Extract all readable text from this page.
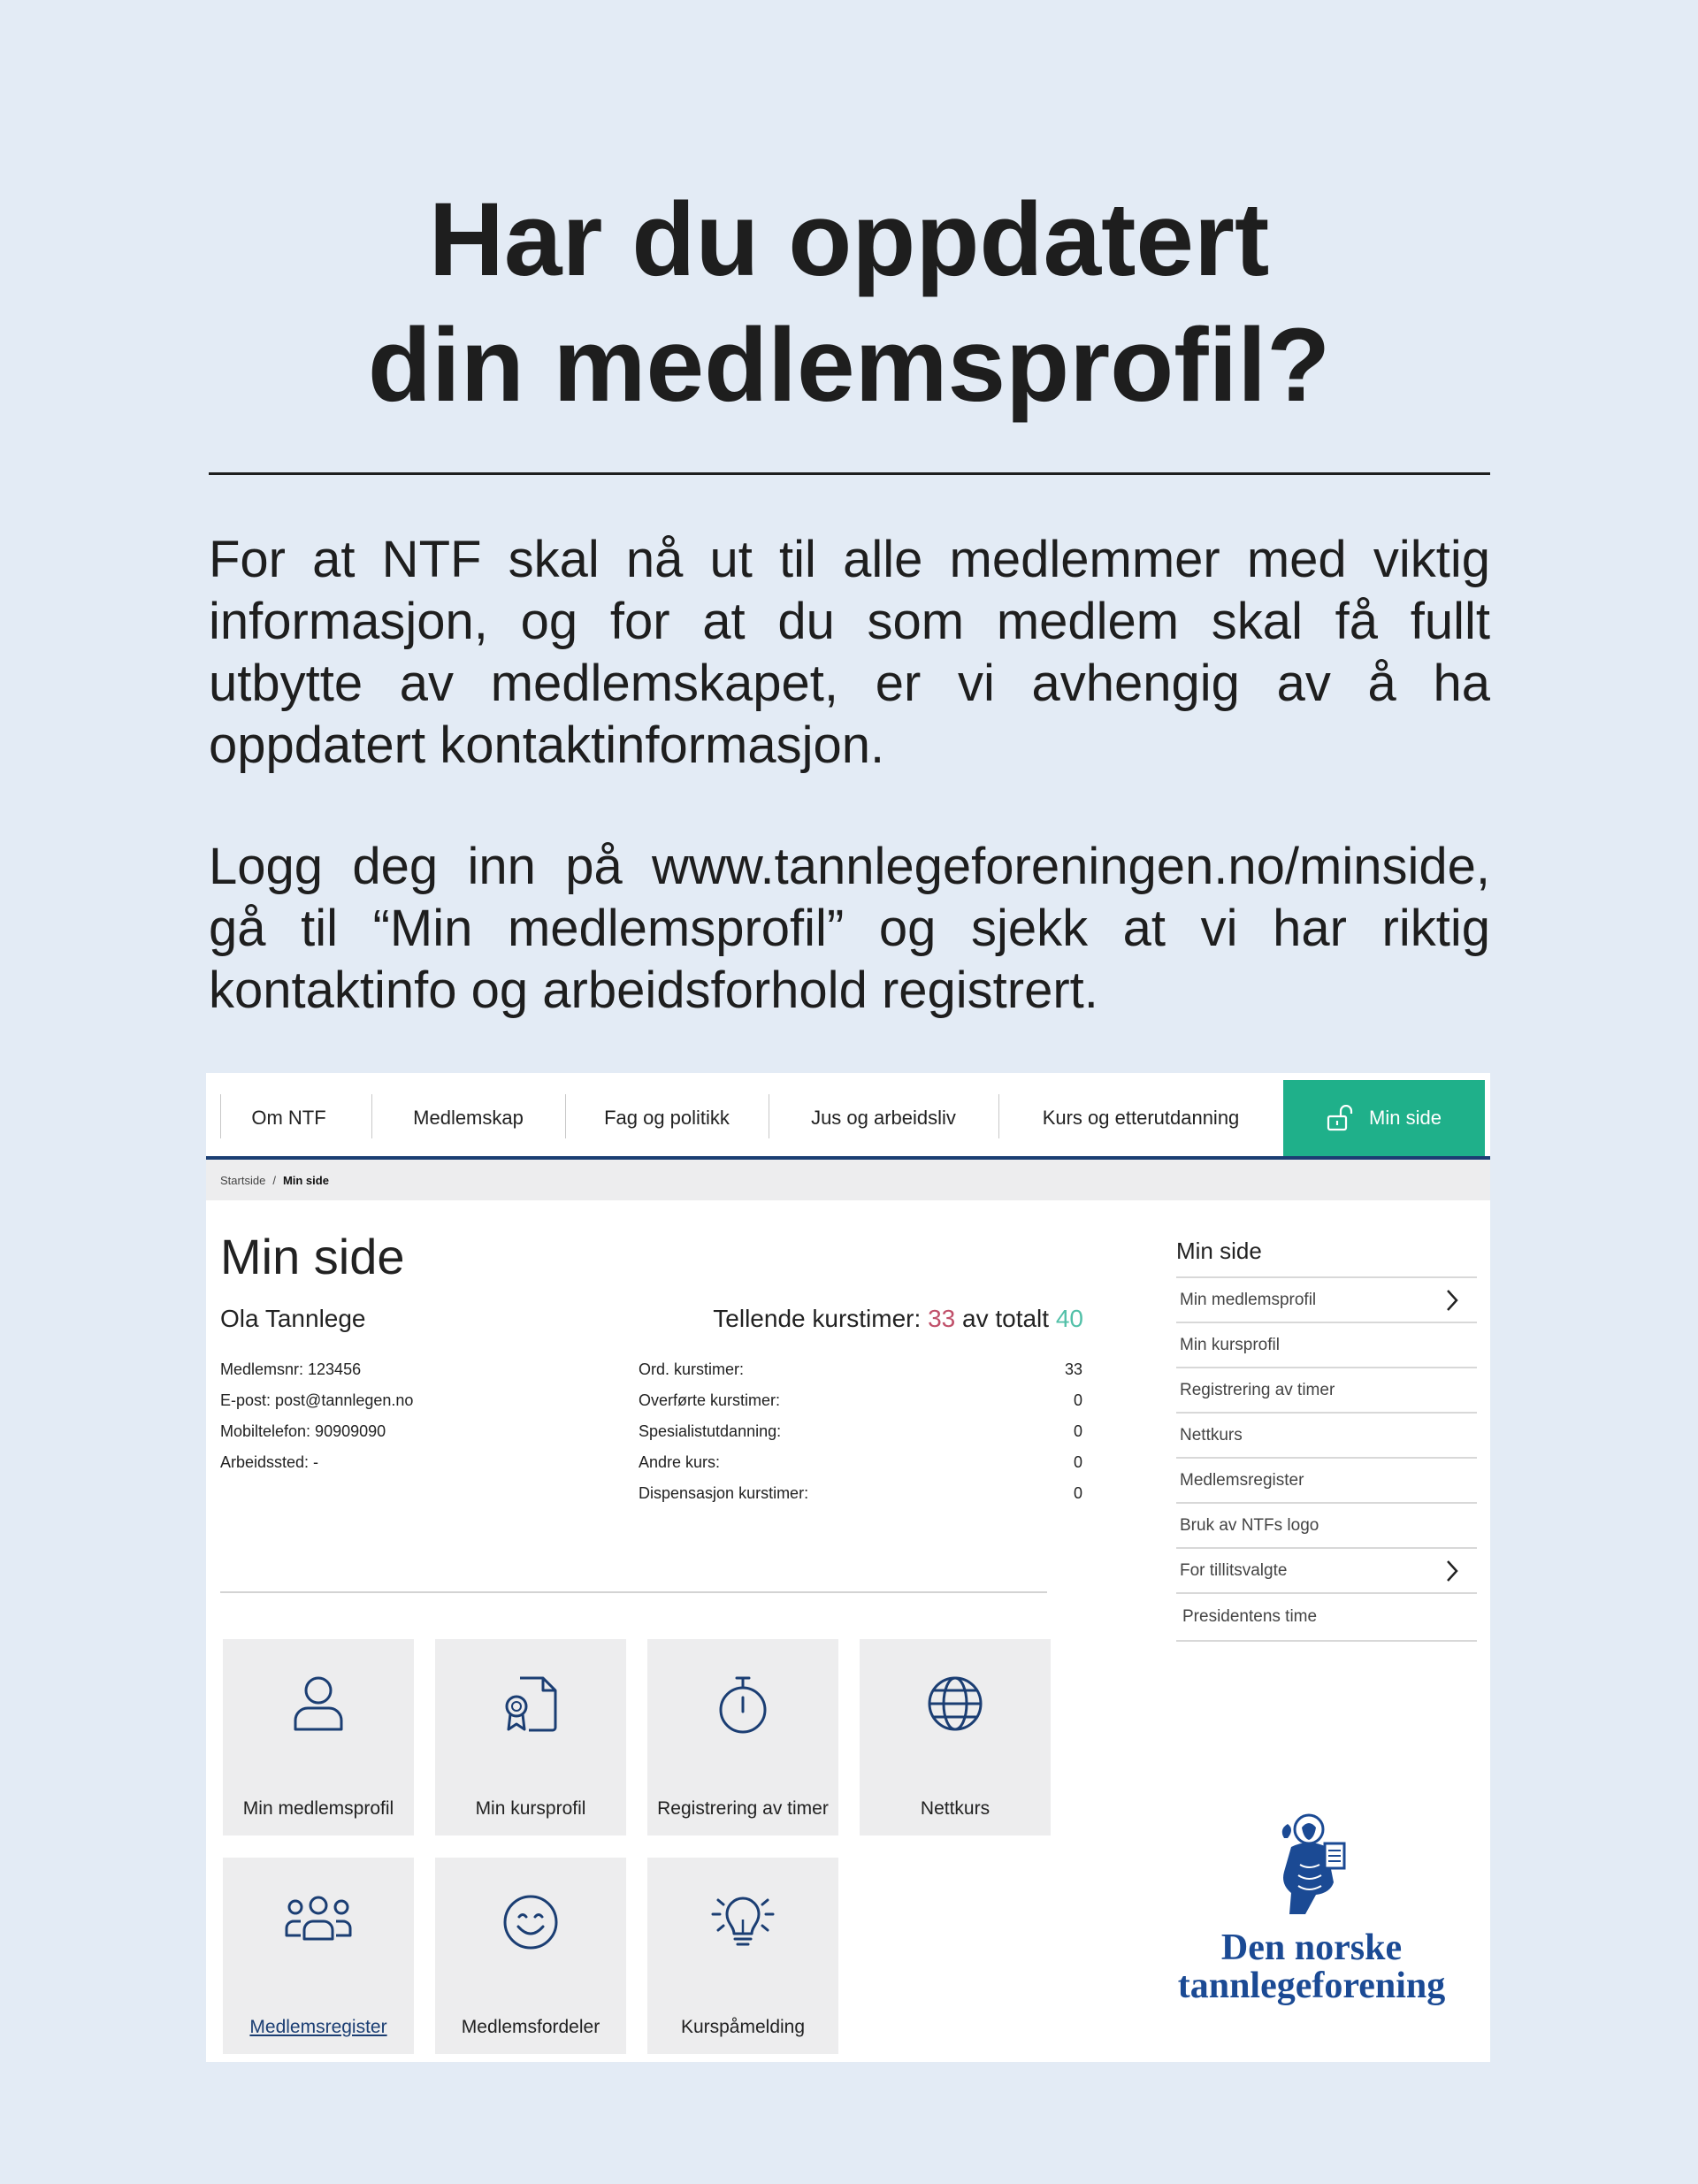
Har du oppdatert
din medlemsprofil?

For at NTF skal nå ut til alle medlemmer med viktig informasjon, og for at du som medlem skal få fullt utbytte av medlemskapet, er vi avhengig av å ha oppdatert kontaktinformasjon.

Logg deg inn på www.tannlegeforeningen.no/minside, gå til “Min medlemsprofil” og sjekk at vi har riktig kontaktinfo og arbeidsforhold registrert.

Om NTF	Medlemskap	Fag og politikk	Jus og arbeidsliv	Kurs og etterutdanning	Min side
Startside / Min side
Min side
Ola Tannlege	Tellende kurstimer: 33 av totalt 40
Medlemsnr: 123456
E-post: post@tannlegen.no
Mobiltelefon: 90909090
Arbeidssted: -
Ord. kurstimer:	33
Overførte kurstimer:	0
Spesialistutdanning:	0
Andre kurs:	0
Dispensasjon kurstimer:	0
Min medlemsprofil	Min kursprofil	Registrering av timer	Nettkurs
Medlemsregister	Medlemsfordeler	Kurspåmelding
Min side
Min medlemsprofil
Min kursprofil
Registrering av timer
Nettkurs
Medlemsregister
Bruk av NTFs logo
For tillitsvalgte
Presidentens time
Den norske
tannlegeforening
